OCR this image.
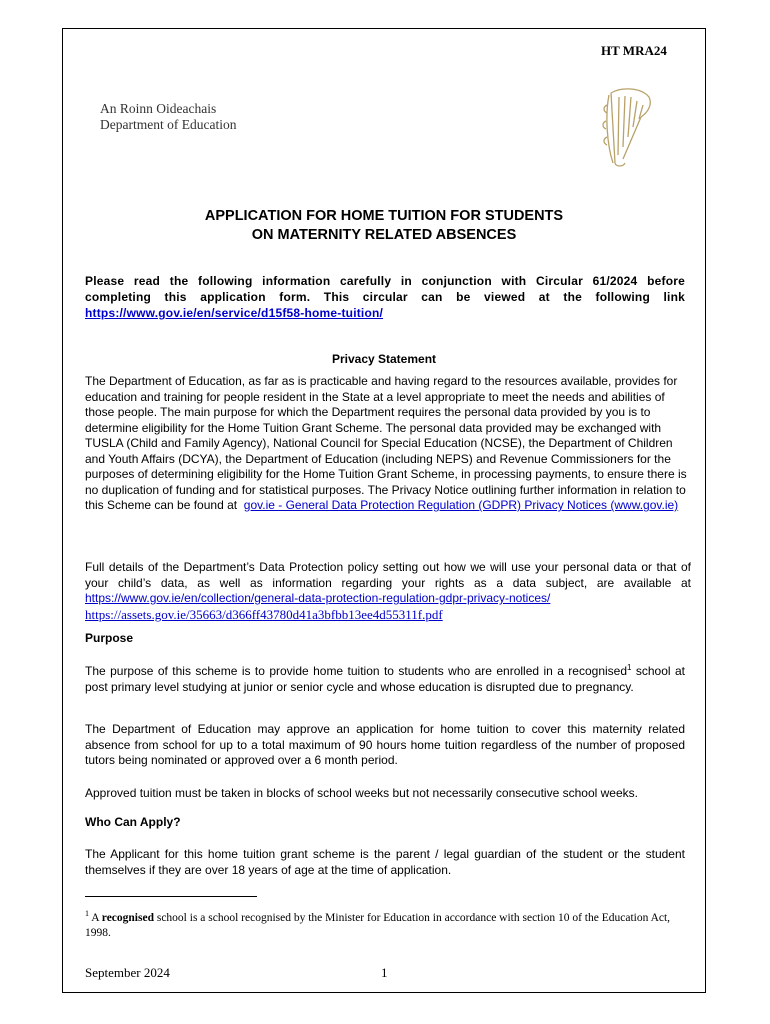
HT MRA24
An Roinn Oideachais
Department of Education
APPLICATION FOR HOME TUITION FOR STUDENTS
ON MATERNITY RELATED ABSENCES
Please read the following information carefully in conjunction with Circular 61/2024 before completing this application form. This circular can be viewed at the following link https://www.gov.ie/en/service/d15f58-home-tuition/
Privacy Statement
The Department of Education, as far as is practicable and having regard to the resources available, provides for education and training for people resident in the State at a level appropriate to meet the needs and abilities of those people. The main purpose for which the Department requires the personal data provided by you is to determine eligibility for the Home Tuition Grant Scheme. The personal data provided may be exchanged with TUSLA (Child and Family Agency), National Council for Special Education (NCSE), the Department of Children and Youth Affairs (DCYA), the Department of Education (including NEPS) and Revenue Commissioners for the purposes of determining eligibility for the Home Tuition Grant Scheme, in processing payments, to ensure there is no duplication of funding and for statistical purposes. The Privacy Notice outlining further information in relation to this Scheme can be found at gov.ie - General Data Protection Regulation (GDPR) Privacy Notices (www.gov.ie)
Full details of the Department’s Data Protection policy setting out how we will use your personal data or that of your child’s data, as well as information regarding your rights as a data subject, are available at https://www.gov.ie/en/collection/general-data-protection-regulation-gdpr-privacy-notices/
https://assets.gov.ie/35663/d366ff43780d41a3bfbb13ee4d55311f.pdf
Purpose
The purpose of this scheme is to provide home tuition to students who are enrolled in a recognised$^1$ school at post primary level studying at junior or senior cycle and whose education is disrupted due to pregnancy.
The Department of Education may approve an application for home tuition to cover this maternity related absence from school for up to a total maximum of 90 hours home tuition regardless of the number of proposed tutors being nominated or approved over a 6 month period.
Approved tuition must be taken in blocks of school weeks but not necessarily consecutive school weeks.
Who Can Apply?
The Applicant for this home tuition grant scheme is the parent / legal guardian of the student or the student themselves if they are over 18 years of age at the time of application.
$^1$ A recognised school is a school recognised by the Minister for Education in accordance with section 10 of the Education Act, 1998.
September 2024	1
